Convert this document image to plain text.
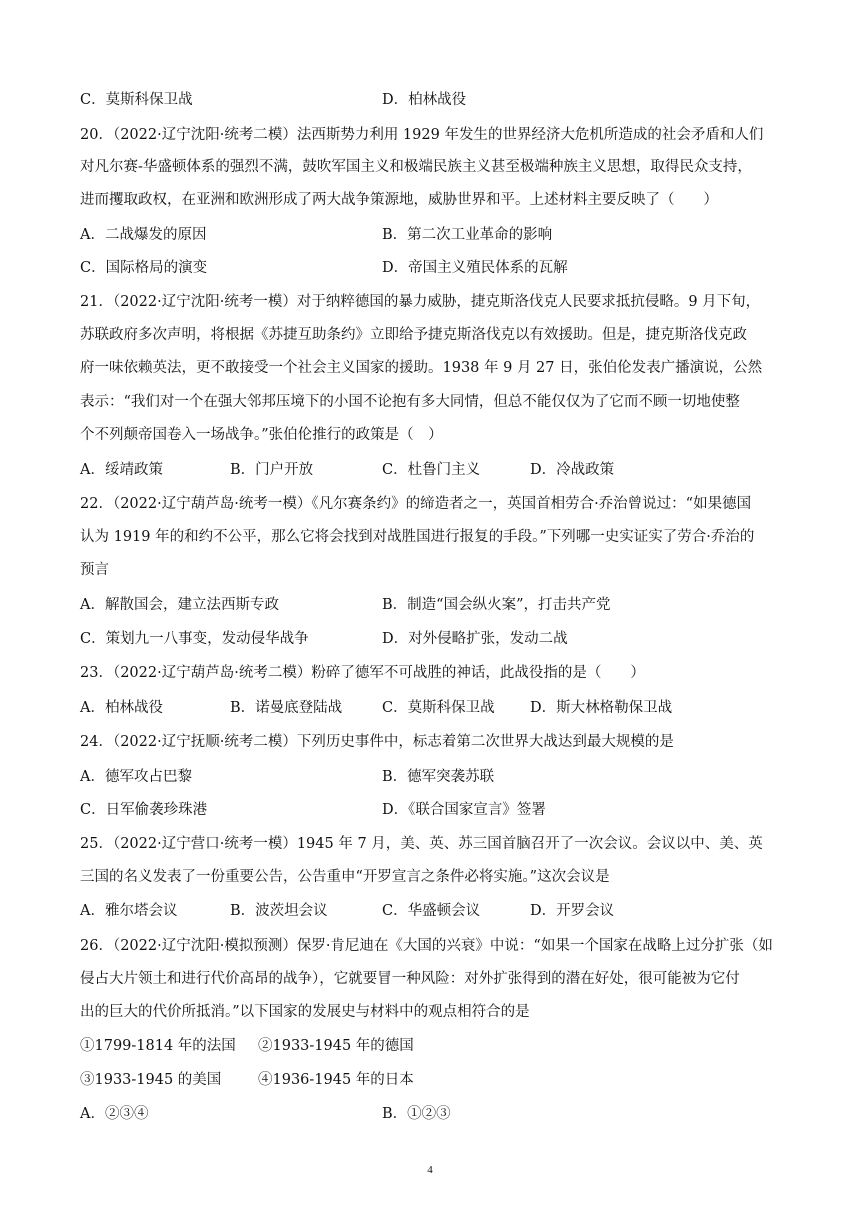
C．莫斯科保卫战	D．柏林战役
20．（2022·辽宁沈阳·统考二模）法西斯势力利用 1929 年发生的世界经济大危机所造成的社会矛盾和人们
对凡尔赛-华盛顿体系的强烈不满，鼓吹军国主义和极端民族主义甚至极端种族主义思想，取得民众支持，
进而攫取政权，在亚洲和欧洲形成了两大战争策源地，威胁世界和平。上述材料主要反映了（　　）
A．二战爆发的原因	B．第二次工业革命的影响
C．国际格局的演变	D．帝国主义殖民体系的瓦解
21．（2022·辽宁沈阳·统考一模）对于纳粹德国的暴力威胁，捷克斯洛伐克人民要求抵抗侵略。9 月下旬，
苏联政府多次声明，将根据《苏捷互助条约》立即给予捷克斯洛伐克以有效援助。但是，捷克斯洛伐克政
府一味依赖英法，更不敢接受一个社会主义国家的援助。1938 年 9 月 27 日，张伯伦发表广播演说，公然
表示：“我们对一个在强大邻邦压境下的小国不论抱有多大同情，但总不能仅仅为了它而不顾一切地使整
个不列颠帝国卷入一场战争。”张伯伦推行的政策是（　）
A．绥靖政策	B．门户开放	C．杜鲁门主义	D．冷战政策
22．（2022·辽宁葫芦岛·统考一模）《凡尔赛条约》的缔造者之一，英国首相劳合·乔治曾说过：“如果德国
认为 1919 年的和约不公平，那么它将会找到对战胜国进行报复的手段。”下列哪一史实证实了劳合·乔治的
预言
A．解散国会，建立法西斯专政	B．制造“国会纵火案”，打击共产党
C．策划九一八事变，发动侵华战争	D．对外侵略扩张，发动二战
23．（2022·辽宁葫芦岛·统考二模）粉碎了德军不可战胜的神话，此战役指的是（　　）
A．柏林战役	B．诺曼底登陆战	C．莫斯科保卫战 D．斯大林格勒保卫战
24．（2022·辽宁抚顺·统考二模）下列历史事件中，标志着第二次世界大战达到最大规模的是
A．德军攻占巴黎	B．德军突袭苏联
C．日军偷袭珍珠港	D．《联合国家宣言》签署
25．（2022·辽宁营口·统考一模）1945 年 7 月，美、英、苏三国首脑召开了一次会议。会议以中、美、英
三国的名义发表了一份重要公告，公告重申“开罗宣言之条件必将实施。”这次会议是
A．雅尔塔会议	B．波茨坦会议	C．华盛顿会议	D．开罗会议
26．（2022·辽宁沈阳·模拟预测）保罗·肯尼迪在《大国的兴衰》中说：“如果一个国家在战略上过分扩张（如
侵占大片领土和进行代价高昂的战争），它就要冒一种风险：对外扩张得到的潜在好处，很可能被为它付
出的巨大的代价所抵消。”以下国家的发展史与材料中的观点相符合的是
①1799-1814 年的法国 ②1933-1945 年的德国
③1933-1945 的美国	④1936-1945 年的日本
A．②③④	B．①②③
4
